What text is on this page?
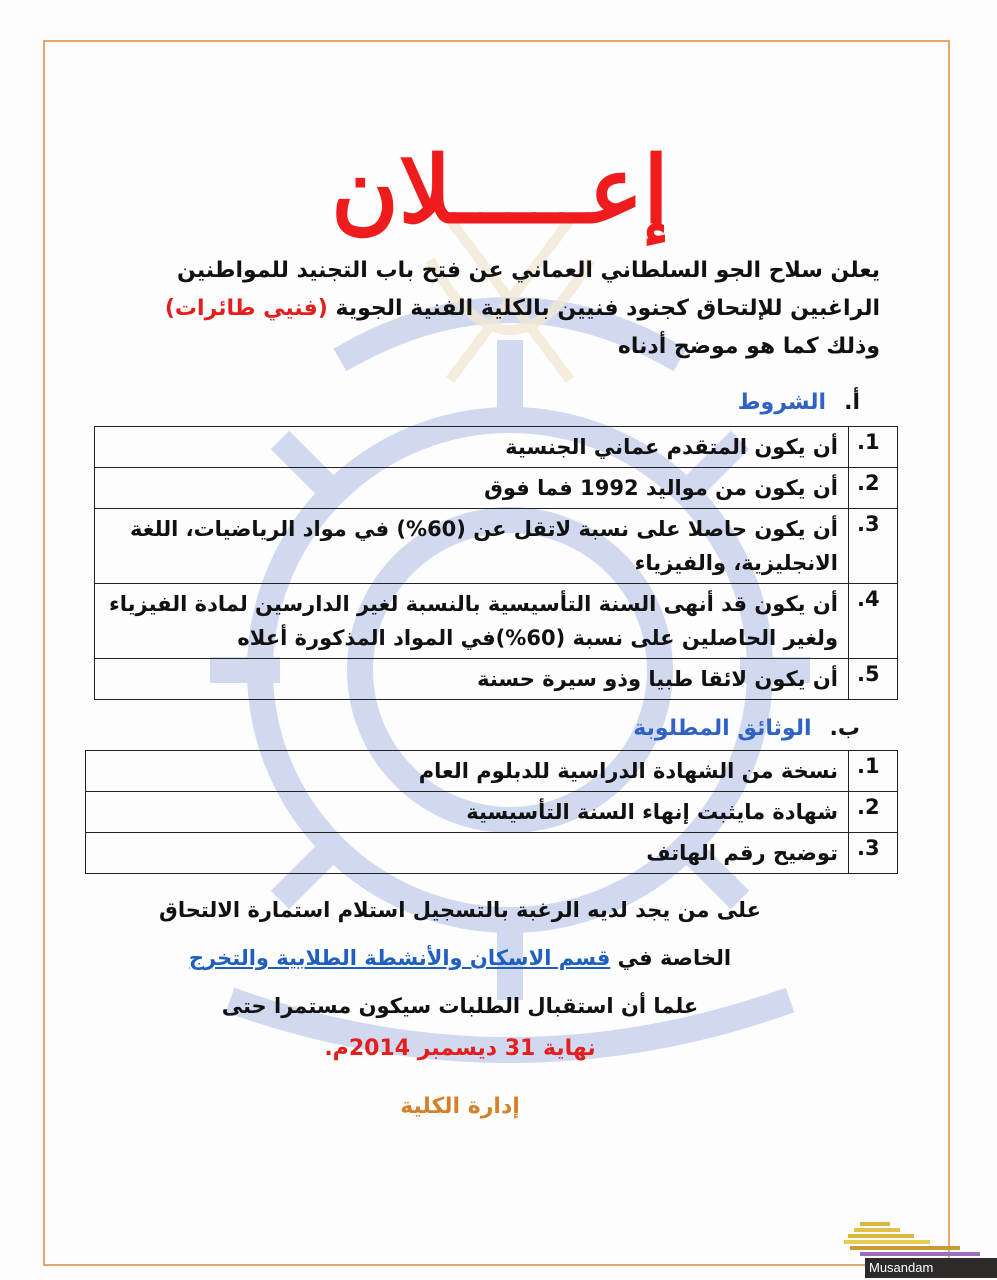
إعـــــلان
يعلن سلاح الجو السلطاني العماني عن فتح باب التجنيد للمواطنين الراغبين للإلتحاق كجنود فنيين بالكلية الفنية الجوية (فنيي طائرات) وذلك كما هو موضح أدناه
أ.الشروط
1.	أن يكون المتقدم عماني الجنسية
2.	أن يكون من مواليد 1992 فما فوق
3.	أن يكون حاصلا على نسبة لاتقل عن (60%) في مواد الرياضيات، اللغة الانجليزية، والفيزياء
4.	أن يكون قد أنهى السنة التأسيسية بالنسبة لغير الدارسين لمادة الفيزياء ولغير الحاصلين على نسبة (60%)في المواد المذكورة أعلاه
5.	أن يكون لائقا طبيا وذو سيرة حسنة
ب.الوثائق المطلوبة
1.	نسخة من الشهادة الدراسية للدبلوم العام
2.	شهادة مايثبت إنهاء السنة التأسيسية
3.	توضيح رقم الهاتف
على من يجد لديه الرغبة بالتسجيل استلام استمارة الالتحاق
الخاصة في قسم الاسكان والأنشطة الطلابية والتخرج
علما أن استقبال الطلبات سيكون مستمرا حتى
نهاية 31 ديسمبر 2014م.
إدارة الكلية
Musandam
